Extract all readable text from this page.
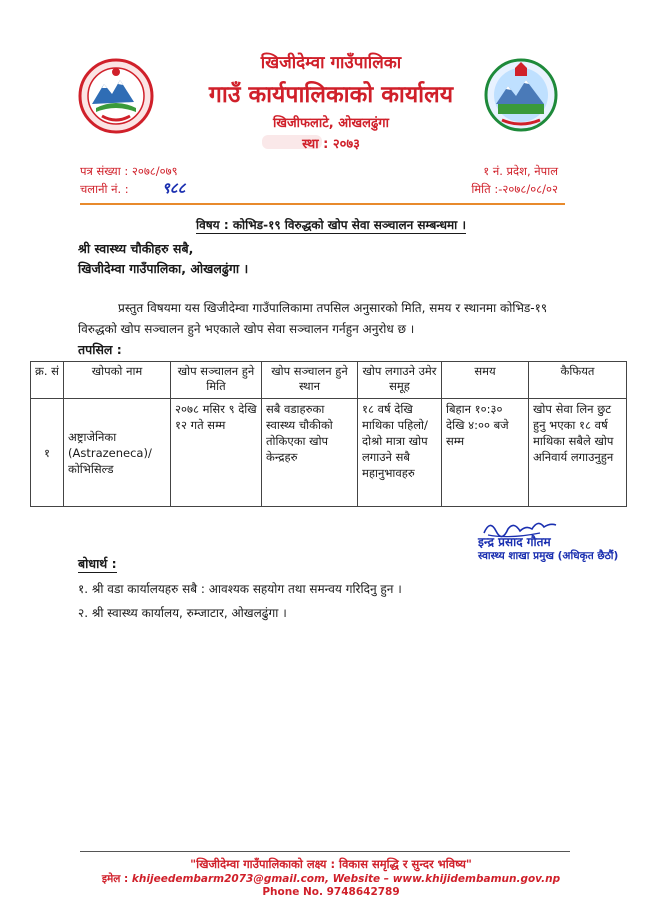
खिजीदेम्वा गाउँपालिका
गाउँ कार्यपालिकाको कार्यालय
खिजीफलाटे, ओखलढुंगा
स्था : २०७३
पत्र संख्या : २०७८/०७९
चलानी नं. : ९८८
१ नं. प्रदेश, नेपाल
मिति :-२०७८/०८/०२
विषय : कोभिड-१९ विरुद्धको खोप सेवा सञ्चालन सम्बन्धमा ।
श्री स्वास्थ्य चौकीहरु सबै,
खिजीदेम्वा गाउँपालिका, ओखलढुंगा ।
प्रस्तुत विषयमा यस खिजीदेम्वा गाउँपालिकामा तपसिल अनुसारको मिति, समय र स्थानमा कोभिड-१९ विरुद्धको खोप सञ्चालन हुने भएकाले खोप सेवा सञ्चालन गर्नहुन अनुरोध छ ।
तपसिल :
क्र. सं	खोपको नाम	खोप सञ्चालन हुने मिति	खोप सञ्चालन हुने स्थान	खोप लगाउने उमेर समूह	समय	कैफियत
१	अष्ट्राजेनिका (Astrazeneca)/ कोभिसिल्ड	२०७८ मसिर ९ देखि १२ गते सम्म	सबै वडाहरुका स्वास्थ्य चौकीको तोकिएका खोप केन्द्रहरु	१८ वर्ष देखि माथिका पहिलो/ दोश्रो मात्रा खोप लगाउने सबै महानुभावहरु	बिहान १०:३० देखि ४:०० बजे सम्म	खोप सेवा लिन छुट हुनु भएका १८ वर्ष माथिका सबैले खोप अनिवार्य लगाउनुहुन
इन्द्र प्रसाद गौतम
स्वास्थ्य शाखा प्रमुख (अधिकृत छैठौं)
बोधार्थ :
१. श्री वडा कार्यालयहरु सबै : आवश्यक सहयोग तथा समन्वय गरिदिनु हुन ।
२. श्री स्वास्थ्य कार्यालय, रुम्जाटार, ओखलढुंगा ।
"खिजीदेम्वा गाउँपालिकाको लक्ष्य : विकास समृद्धि र सुन्दर भविष्य"
इमेल : khijeedembarm2073@gmail.com, Website – www.khijidembamun.gov.np
Phone No. 9748642789
